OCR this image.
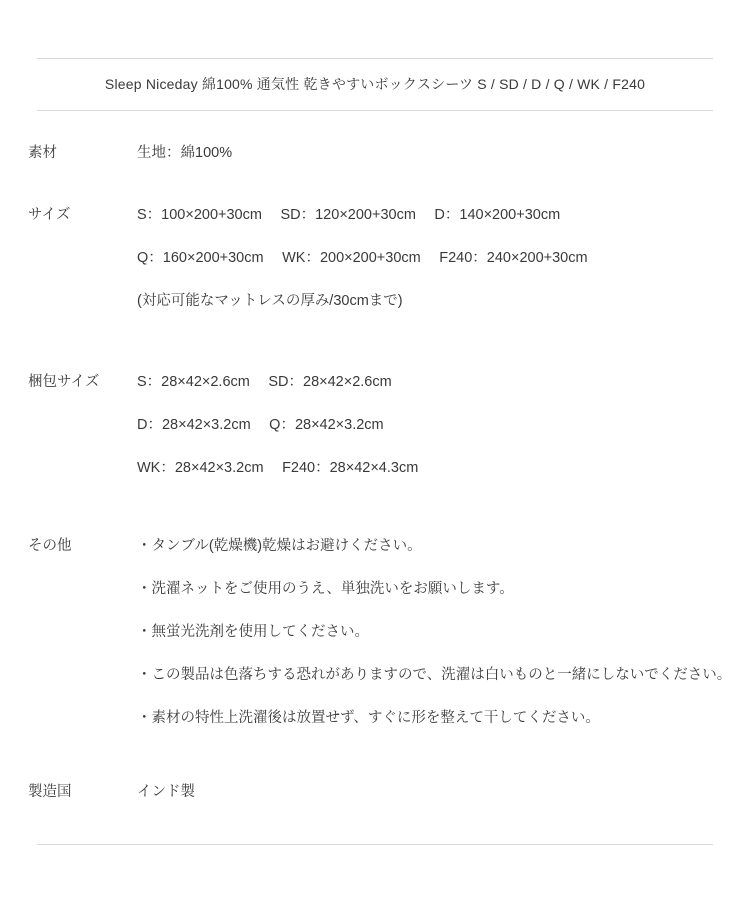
Sleep Niceday 綿100% 通気性 乾きやすいボックスシーツ S / SD / D / Q / WK / F240
素材	生地：綿100%
サイズ	S：100×200+30cm　 SD：120×200+30cm　 D：140×200+30cm
Q：160×200+30cm　 WK：200×200+30cm　 F240：240×200+30cm
(対応可能なマットレスの厚み/30cmまで)
梱包サイズ	S：28×42×2.6cm　 SD：28×42×2.6cm
D：28×42×3.2cm　 Q：28×42×3.2cm
WK：28×42×3.2cm　 F240：28×42×4.3cm
その他	・タンブル(乾燥機)乾燥はお避けください。
・洗濯ネットをご使用のうえ、単独洗いをお願いします。
・無蛍光洗剤を使用してください。
・この製品は色落ちする恐れがありますので、洗濯は白いものと一緒にしないでください。
・素材の特性上洗濯後は放置せず、すぐに形を整えて干してください。
製造国	インド製
